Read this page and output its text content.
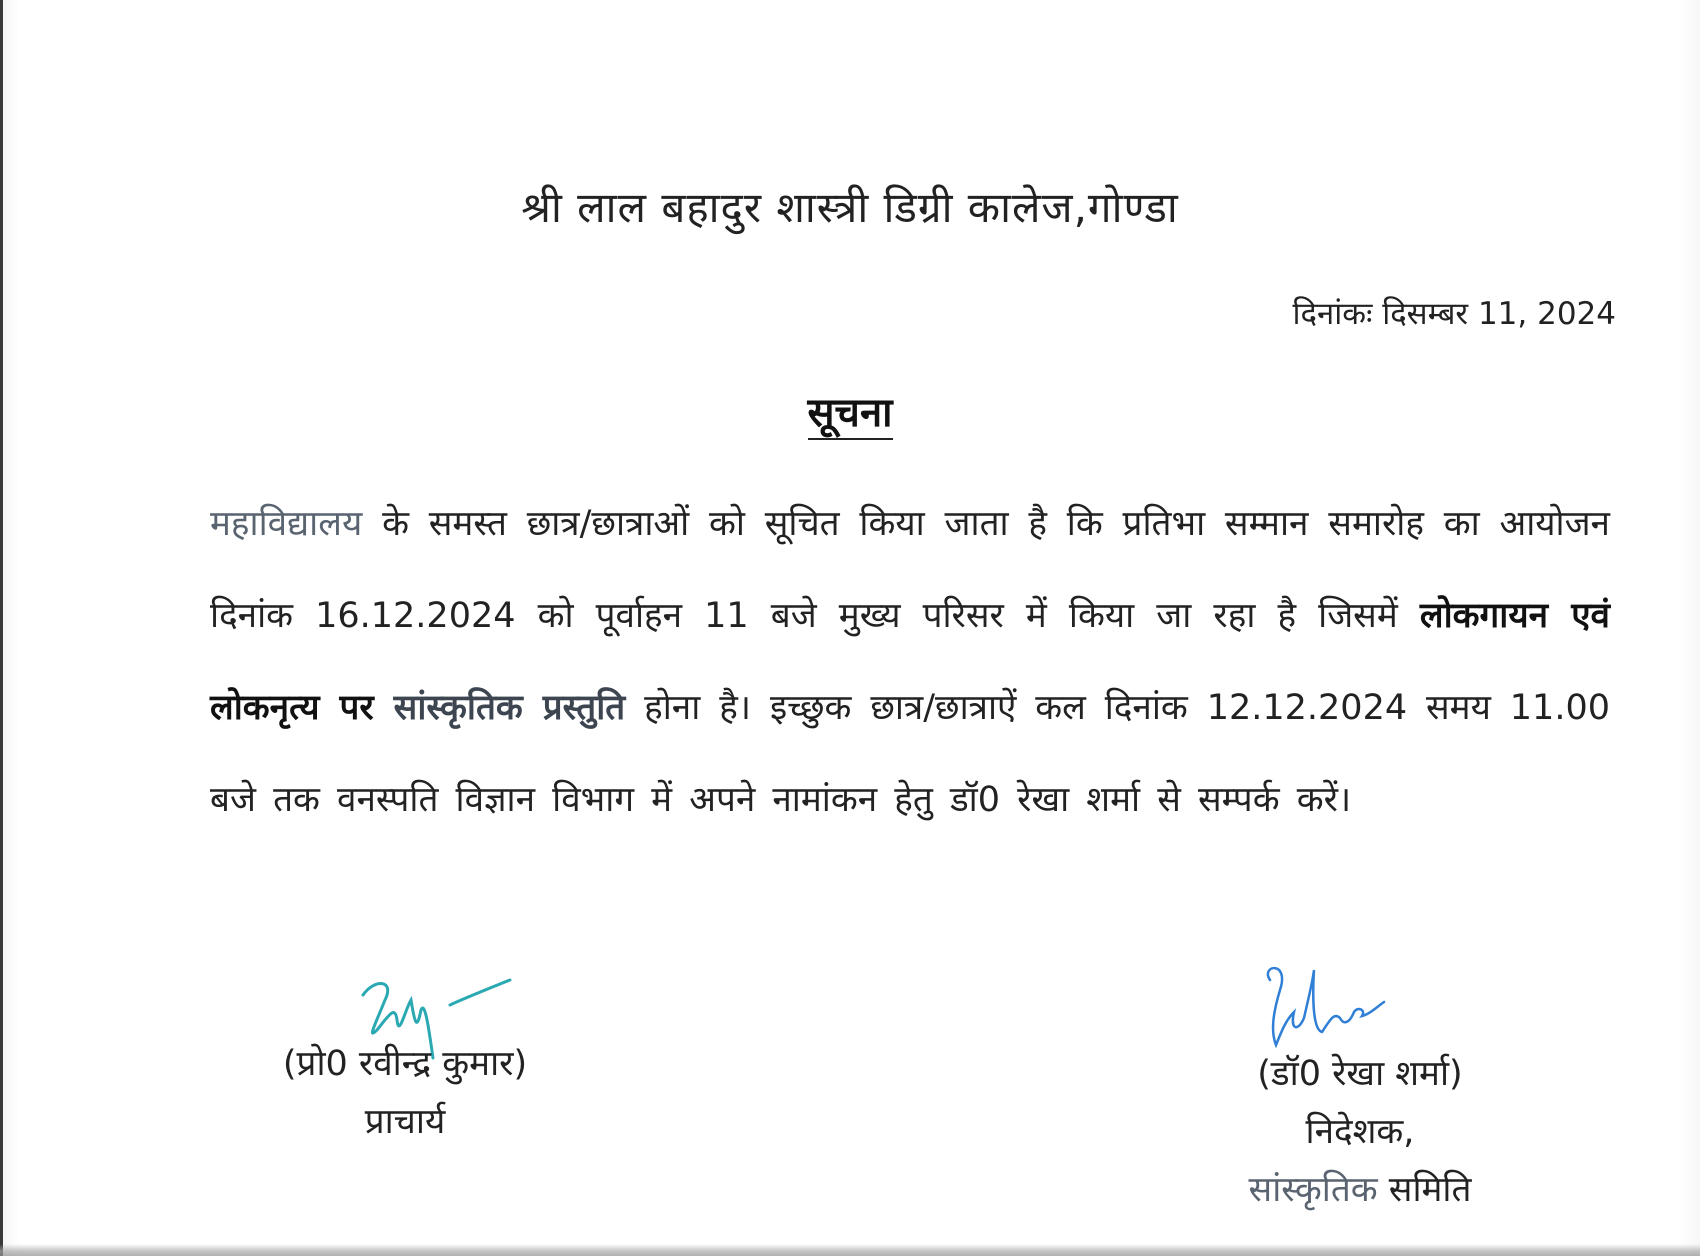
श्री लाल बहादुर शास्त्री डिग्री कालेज,गोण्डा
दिनांकः दिसम्बर 11, 2024
सूचना
महाविद्यालय के समस्त छात्र/छात्राओं को सूचित किया जाता है कि प्रतिभा सम्मान समारोह का आयोजन दिनांक 16.12.2024 को पूर्वाहन 11 बजे मुख्य परिसर में किया जा रहा है जिसमें लोकगायन एवं लोकनृत्य पर सांस्कृतिक प्रस्तुति होना है। इच्छुक छात्र/छात्राऐं कल दिनांक 12.12.2024 समय 11.00 बजे तक वनस्पति विज्ञान विभाग में अपने नामांकन हेतु डॉ0 रेखा शर्मा से सम्पर्क करें।
(प्रो0 रवीन्द्र कुमार)
प्राचार्य
(डॉ0 रेखा शर्मा)
निदेशक,
सांस्कृतिक समिति
